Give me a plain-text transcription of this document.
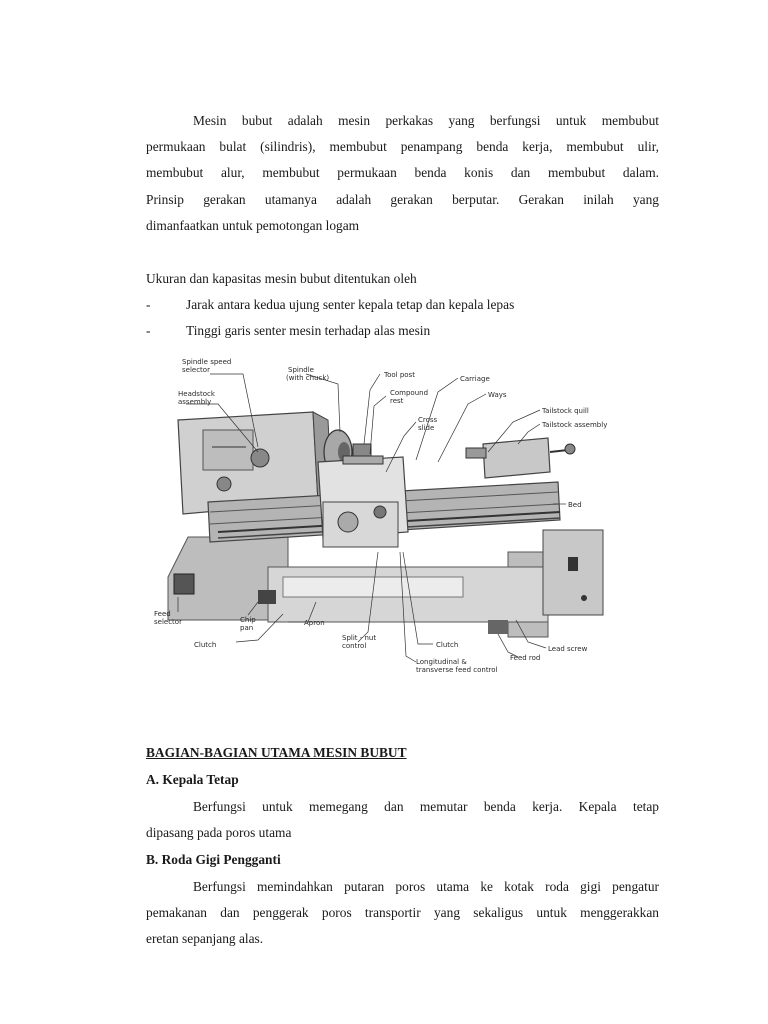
Mesin bubut adalah mesin perkakas yang berfungsi untuk membubut
permukaan bulat (silindris), membubut penampang benda kerja, membubut ulir,
membubut alur, membubut permukaan benda konis dan membubut dalam.
Prinsip gerakan utamanya adalah gerakan berputar. Gerakan inilah yang
dimanfaatkan untuk pemotongan logam
Ukuran dan kapasitas mesin bubut ditentukan oleh
-	Jarak antara kedua ujung senter kepala tetap dan kepala lepas
-	Tinggi garis senter mesin terhadap alas mesin
Spindle speed selector	Spindle (with chuck)	Tool post	Carriage
Headstock assembly
Compound rest
Ways
Cross slide
Tailstock quill
Tailstock assembly
Bed
Feed selector	Chip pan
Apron
Clutch
Split - nut control	Clutch	Lead screw
Feed rod
Longitudinal & transverse feed control
BAGIAN-BAGIAN UTAMA MESIN BUBUT
A. Kepala Tetap
Berfungsi untuk memegang dan memutar benda kerja. Kepala tetap
dipasang pada poros utama
B. Roda Gigi Pengganti
Berfungsi memindahkan putaran poros utama ke kotak roda gigi pengatur
pemakanan dan penggerak poros transportir yang sekaligus untuk menggerakkan
eretan sepanjang alas.
